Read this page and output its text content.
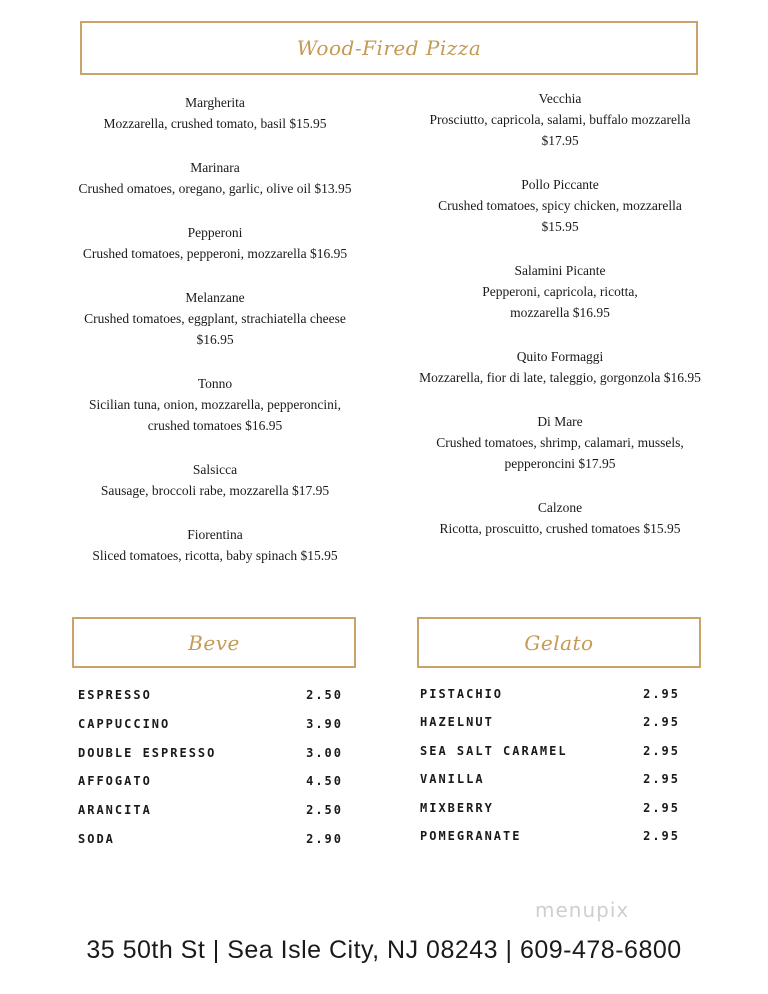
Wood-Fired Pizza
Margherita
Mozzarella, crushed tomato, basil $15.95
Marinara
Crushed omatoes, oregano, garlic, olive oil $13.95
Pepperoni
Crushed tomatoes, pepperoni, mozzarella $16.95
Melanzane
Crushed tomatoes, eggplant, strachiatella cheese
$16.95
Tonno
Sicilian tuna, onion, mozzarella, pepperoncini,
crushed tomatoes $16.95
Salsicca
Sausage, broccoli rabe, mozzarella $17.95
Fiorentina
Sliced tomatoes, ricotta, baby spinach $15.95
Vecchia
Prosciutto, capricola, salami, buffalo mozzarella
$17.95
Pollo Piccante
Crushed tomatoes, spicy chicken, mozzarella
$15.95
Salamini Picante
Pepperoni, capricola, ricotta,
mozzarella $16.95
Quito Formaggi
Mozzarella, fior di late, taleggio, gorgonzola $16.95
Di Mare
Crushed tomatoes, shrimp, calamari, mussels,
pepperoncini $17.95
Calzone
Ricotta, proscuitto, crushed tomatoes $15.95
Beve	Gelato
ESPRESSO	2.50
CAPPUCCINO	3.90
DOUBLE ESPRESSO	3.00
AFFOGATO	4.50
ARANCITA	2.50
SODA	2.90
PISTACHIO	2.95
HAZELNUT	2.95
SEA SALT CARAMEL	2.95
VANILLA	2.95
MIXBERRY	2.95
POMEGRANATE	2.95
menupix
35 50th St | Sea Isle City, NJ 08243 | 609-478-6800
